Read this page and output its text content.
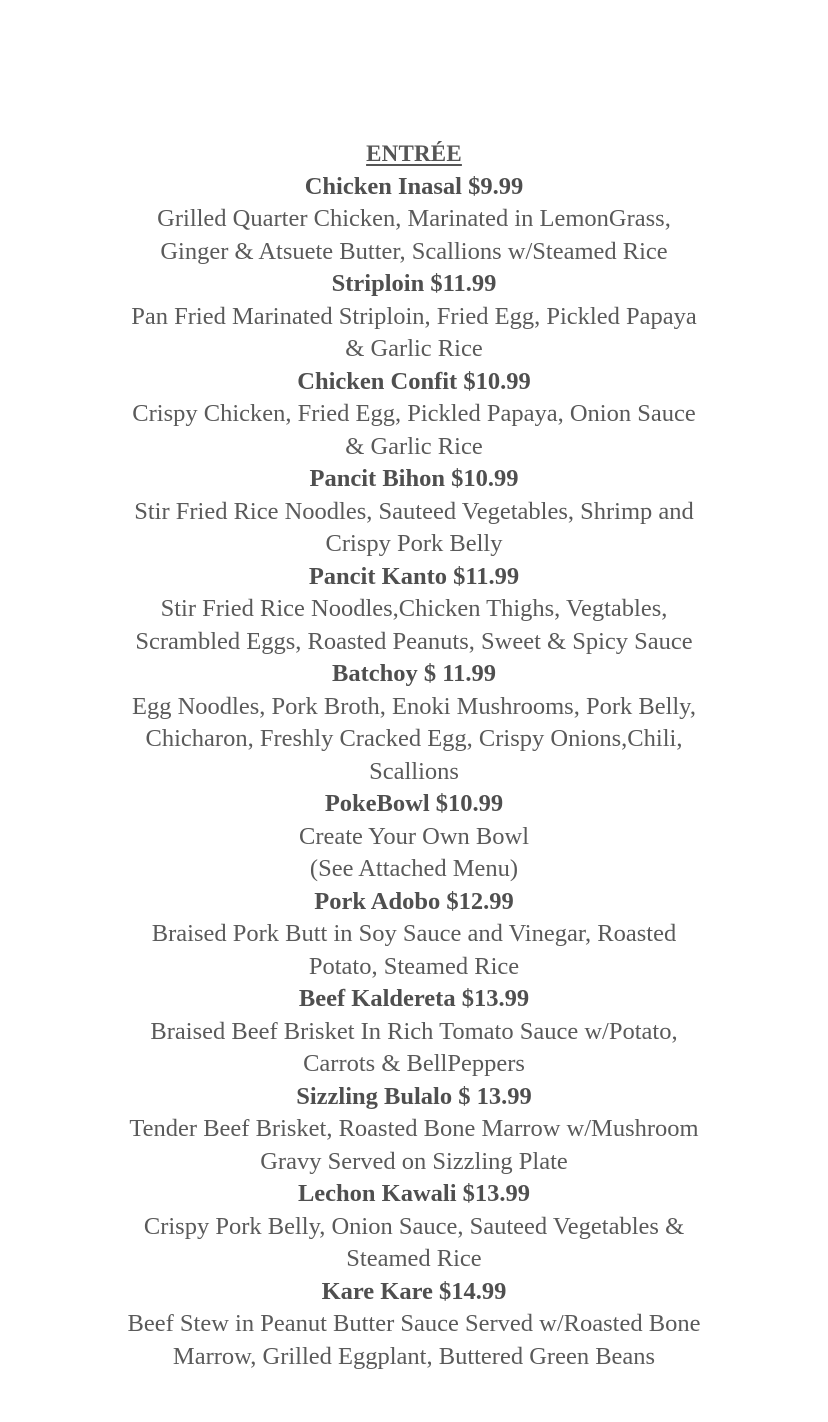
ENTRÉE
Chicken Inasal $9.99
Grilled Quarter Chicken, Marinated in LemonGrass,
Ginger & Atsuete Butter, Scallions w/Steamed Rice
Striploin $11.99
Pan Fried Marinated Striploin, Fried Egg, Pickled Papaya
& Garlic Rice
Chicken Confit $10.99
Crispy Chicken, Fried Egg, Pickled Papaya, Onion Sauce
& Garlic Rice
Pancit Bihon $10.99
Stir Fried Rice Noodles, Sauteed Vegetables, Shrimp and
Crispy Pork Belly
Pancit Kanto $11.99
Stir Fried Rice Noodles,Chicken Thighs, Vegtables,
Scrambled Eggs, Roasted Peanuts, Sweet & Spicy Sauce
Batchoy $ 11.99
Egg Noodles, Pork Broth, Enoki Mushrooms, Pork Belly,
Chicharon, Freshly Cracked Egg, Crispy Onions,Chili,
Scallions
PokeBowl $10.99
Create Your Own Bowl
(See Attached Menu)
Pork Adobo $12.99
Braised Pork Butt in Soy Sauce and Vinegar, Roasted
Potato, Steamed Rice
Beef Kaldereta $13.99
Braised Beef Brisket In Rich Tomato Sauce w/Potato,
Carrots & BellPeppers
Sizzling Bulalo $ 13.99
Tender Beef Brisket, Roasted Bone Marrow w/Mushroom
Gravy Served on Sizzling Plate
Lechon Kawali $13.99
Crispy Pork Belly, Onion Sauce, Sauteed Vegetables &
Steamed Rice
Kare Kare $14.99
Beef Stew in Peanut Butter Sauce Served w/Roasted Bone
Marrow, Grilled Eggplant, Buttered Green Beans
